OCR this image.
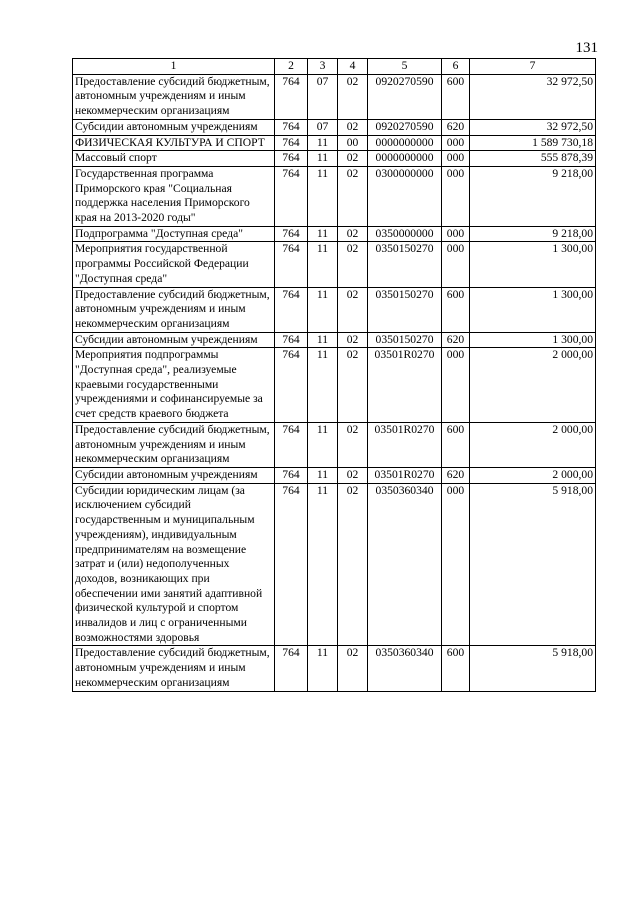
131
1	2	3	4	5	6	7
Предоставление субсидий бюджетным, автономным учреждениям и иным некоммерческим организациям	764	07	02	0920270590	600	32 972,50
Субсидии автономным учреждениям	764	07	02	0920270590	620	32 972,50
ФИЗИЧЕСКАЯ КУЛЬТУРА И СПОРТ	764	11	00	0000000000	000	1 589 730,18
Массовый спорт	764	11	02	0000000000	000	555 878,39
Государственная программа Приморского края "Социальная поддержка населения Приморского края на 2013-2020 годы"	764	11	02	0300000000	000	9 218,00
Подпрограмма "Доступная среда"	764	11	02	0350000000	000	9 218,00
Мероприятия государственной программы Российской Федерации "Доступная среда"	764	11	02	0350150270	000	1 300,00
Предоставление субсидий бюджетным, автономным учреждениям и иным некоммерческим организациям	764	11	02	0350150270	600	1 300,00
Субсидии автономным учреждениям	764	11	02	0350150270	620	1 300,00
Мероприятия подпрограммы "Доступная среда", реализуемые краевыми государственными учреждениями и софинансируемые за счет средств краевого бюджета	764	11	02	03501R0270	000	2 000,00
Предоставление субсидий бюджетным, автономным учреждениям и иным некоммерческим организациям	764	11	02	03501R0270	600	2 000,00
Субсидии автономным учреждениям	764	11	02	03501R0270	620	2 000,00
Субсидии юридическим лицам (за исключением субсидий государственным и муниципальным учреждениям), индивидуальным предпринимателям на возмещение затрат и (или) недополученных доходов, возникающих при обеспечении ими занятий адаптивной физической культурой и спортом инвалидов и лиц с ограниченными возможностями здоровья	764	11	02	0350360340	000	5 918,00
Предоставление субсидий бюджетным, автономным учреждениям и иным некоммерческим организациям	764	11	02	0350360340	600	5 918,00
